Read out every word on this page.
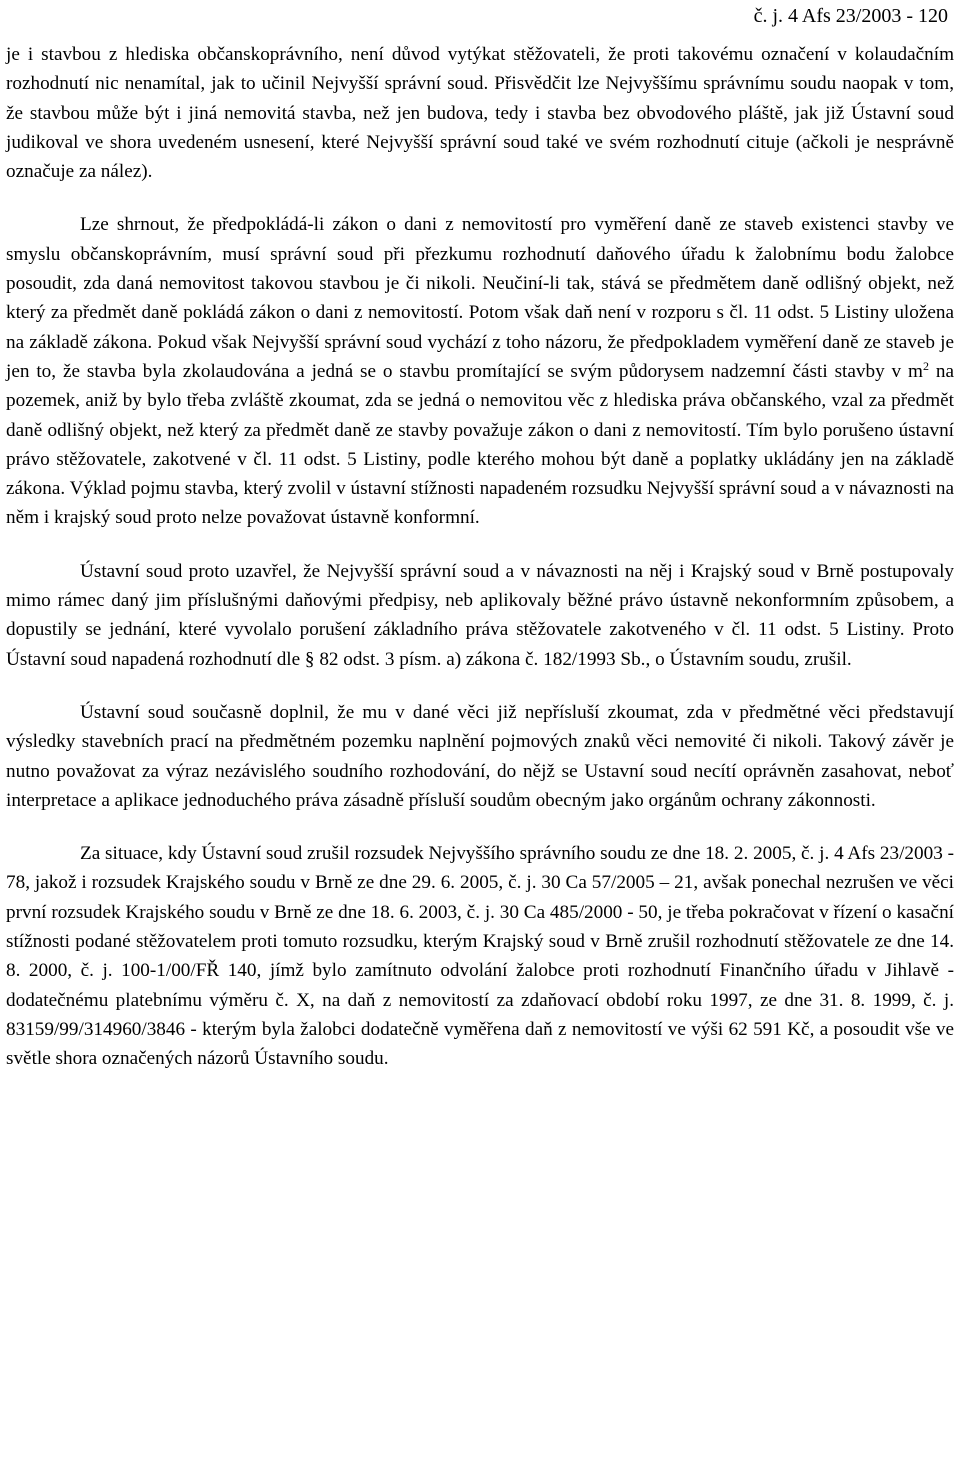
č. j. 4 Afs 23/2003 - 120

je i stavbou z hlediska občanskoprávního, není důvod vytýkat stěžovateli, že proti takovému označení v kolaudačním rozhodnutí nic nenamítal, jak to učinil Nejvyšší správní soud. Přisvědčit lze Nejvyššímu správnímu soudu naopak v tom, že stavbou může být i jiná nemovitá stavba, než jen budova, tedy i stavba bez obvodového pláště, jak již Ústavní soud judikoval ve shora uvedeném usnesení, které Nejvyšší správní soud také ve svém rozhodnutí cituje (ačkoli je nesprávně označuje za nález).

Lze shrnout, že předpokládá-li zákon o dani z nemovitostí pro vyměření daně ze staveb existenci stavby ve smyslu občanskoprávním, musí správní soud při přezkumu rozhodnutí daňového úřadu k žalobnímu bodu žalobce posoudit, zda daná nemovitost takovou stavbou je či nikoli. Neučiní-li tak, stává se předmětem daně odlišný objekt, než který za předmět daně pokládá zákon o dani z nemovitostí. Potom však daň není v rozporu s čl. 11 odst. 5 Listiny uložena na základě zákona. Pokud však Nejvyšší správní soud vychází z toho názoru, že předpokladem vyměření daně ze staveb je jen to, že stavba byla zkolaudována a jedná se o stavbu promítající se svým půdorysem nadzemní části stavby v $m^2$ na pozemek, aniž by bylo třeba zvláště zkoumat, zda se jedná o nemovitou věc z hlediska práva občanského, vzal za předmět daně odlišný objekt, než který za předmět daně ze stavby považuje zákon o dani z nemovitostí. Tím bylo porušeno ústavní právo stěžovatele, zakotvené v čl. 11 odst. 5 Listiny, podle kterého mohou být daně a poplatky ukládány jen na základě zákona. Výklad pojmu stavba, který zvolil v ústavní stížnosti napadeném rozsudku Nejvyšší správní soud a v návaznosti na něm i krajský soud proto nelze považovat ústavně konformní.

Ústavní soud proto uzavřel, že Nejvyšší správní soud a v návaznosti na něj i Krajský soud v Brně postupovaly mimo rámec daný jim příslušnými daňovými předpisy, neb aplikovaly běžné právo ústavně nekonformním způsobem, a dopustily se jednání, které vyvolalo porušení základního práva stěžovatele zakotveného v čl. 11 odst. 5 Listiny. Proto Ústavní soud napadená rozhodnutí dle § 82 odst. 3 písm. a) zákona č. 182/1993 Sb., o Ústavním soudu, zrušil.

Ústavní soud současně doplnil, že mu v dané věci již nepřísluší zkoumat, zda v předmětné věci představují výsledky stavebních prací na předmětném pozemku naplnění pojmových znaků věci nemovité či nikoli. Takový závěr je nutno považovat za výraz nezávislého soudního rozhodování, do nějž se Ustavní soud necítí oprávněn zasahovat, neboť interpretace a aplikace jednoduchého práva zásadně přísluší soudům obecným jako orgánům ochrany zákonnosti.

Za situace, kdy Ústavní soud zrušil rozsudek Nejvyššího správního soudu ze dne 18. 2. 2005, č. j. 4 Afs 23/2003 - 78, jakož i rozsudek Krajského soudu v Brně ze dne 29. 6. 2005, č. j. 30 Ca 57/2005 – 21, avšak ponechal nezrušen ve věci první rozsudek Krajského soudu v Brně ze dne 18. 6. 2003, č. j. 30 Ca 485/2000 - 50, je třeba pokračovat v řízení o kasační stížnosti podané stěžovatelem proti tomuto rozsudku, kterým Krajský soud v Brně zrušil rozhodnutí stěžovatele ze dne 14. 8. 2000, č. j. 100-1/00/FŘ 140, jímž bylo zamítnuto odvolání žalobce proti rozhodnutí Finančního úřadu v Jihlavě - dodatečnému platebnímu výměru č. X, na daň z nemovitostí za zdaňovací období roku 1997, ze dne 31. 8. 1999, č. j. 83159/99/314960/3846 - kterým byla žalobci dodatečně vyměřena daň z nemovitostí ve výši 62 591 Kč, a posoudit vše ve světle shora označených názorů Ústavního soudu.
